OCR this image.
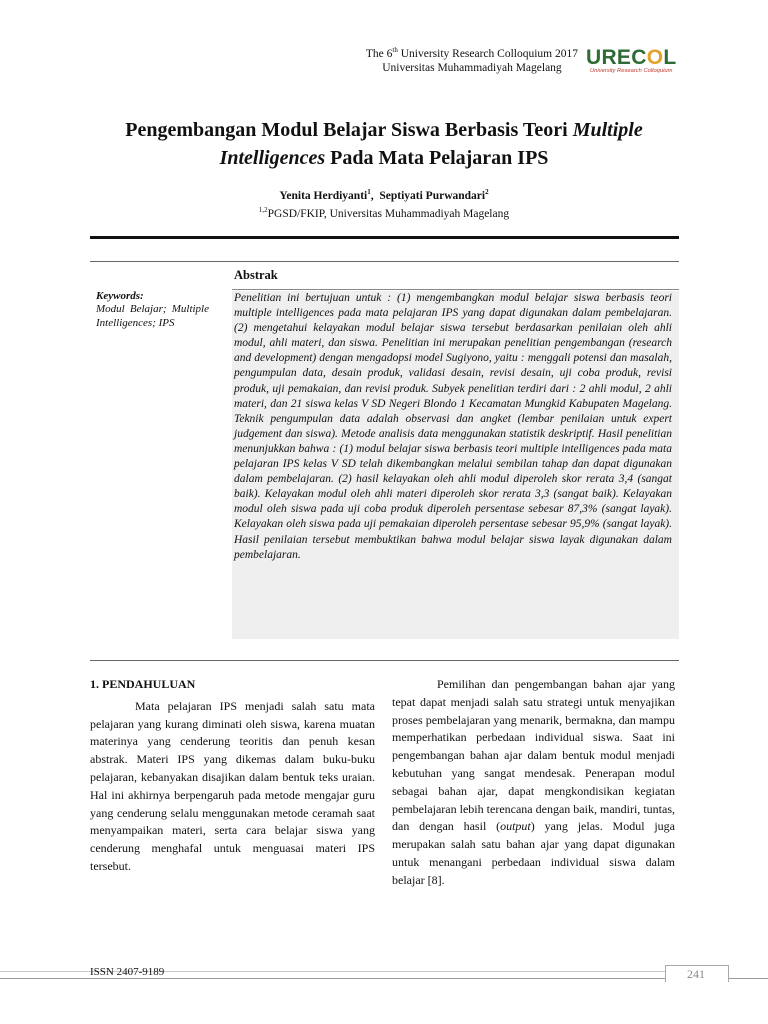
The 6th University Research Colloquium 2017
Universitas Muhammadiyah Magelang	URECOL
University Research Colloquium
Pengembangan Modul Belajar Siswa Berbasis Teori Multiple
Intelligences Pada Mata Pelajaran IPS
Yenita Herdiyanti$^1$,  Septiyati Purwandari$^2$
$^{1,2}$PGSD/FKIP, Universitas Muhammadiyah Magelang
Abstrak
Keywords:
Modul Belajar; Multiple Intelligences; IPS
Penelitian ini bertujuan untuk : (1) mengembangkan modul belajar siswa berbasis teori multiple intelligences pada mata pelajaran IPS yang dapat digunakan dalam pembelajaran. (2) mengetahui kelayakan modul belajar siswa tersebut berdasarkan penilaian oleh ahli modul, ahli materi, dan siswa. Penelitian ini merupakan penelitian pengembangan (research and development) dengan mengadopsi model Sugiyono, yaitu : menggali potensi dan masalah, pengumpulan data, desain produk, validasi desain, revisi desain, uji coba produk, revisi produk, uji pemakaian, dan revisi produk. Subyek penelitian terdiri dari : 2 ahli modul, 2 ahli materi, dan 21 siswa kelas V SD Negeri Blondo 1 Kecamatan Mungkid Kabupaten Magelang. Teknik pengumpulan data adalah observasi dan angket (lembar penilaian untuk expert judgement dan siswa). Metode analisis data menggunakan statistik deskriptif. Hasil penelitian menunjukkan bahwa : (1) modul belajar siswa berbasis teori multiple intelligences pada mata pelajaran IPS kelas V SD telah dikembangkan melalui sembilan tahap dan dapat digunakan dalam pembelajaran. (2) hasil kelayakan oleh ahli modul diperoleh skor rerata 3,4 (sangat baik). Kelayakan modul oleh ahli materi diperoleh skor rerata 3,3 (sangat baik). Kelayakan modul oleh siswa pada uji coba produk diperoleh persentase sebesar 87,3% (sangat layak). Kelayakan oleh siswa pada uji pemakaian diperoleh persentase sebesar 95,9% (sangat layak). Hasil penilaian tersebut membuktikan bahwa modul belajar siswa layak digunakan dalam pembelajaran.
1. PENDAHULUAN

Mata pelajaran IPS menjadi salah satu mata pelajaran yang kurang diminati oleh siswa, karena muatan materinya yang cenderung teoritis dan penuh kesan abstrak. Materi IPS yang dikemas dalam buku-buku pelajaran, kebanyakan disajikan dalam bentuk teks uraian. Hal ini akhirnya berpengaruh pada metode mengajar guru yang cenderung selalu menggunakan metode ceramah saat menyampaikan materi, serta cara belajar siswa yang cenderung menghafal untuk menguasai materi IPS tersebut.

Pemilihan dan pengembangan bahan ajar yang tepat dapat menjadi salah satu strategi untuk menyajikan proses pembelajaran yang menarik, bermakna, dan mampu memperhatikan perbedaan individual siswa. Saat ini pengembangan bahan ajar dalam bentuk modul menjadi kebutuhan yang sangat mendesak. Penerapan modul sebagai bahan ajar, dapat mengkondisikan kegiatan pembelajaran lebih terencana dengan baik, mandiri, tuntas, dan dengan hasil (output) yang jelas. Modul juga merupakan salah satu bahan ajar yang dapat digunakan untuk menangani perbedaan individual siswa dalam belajar [8].

ISSN 2407-9189	241
